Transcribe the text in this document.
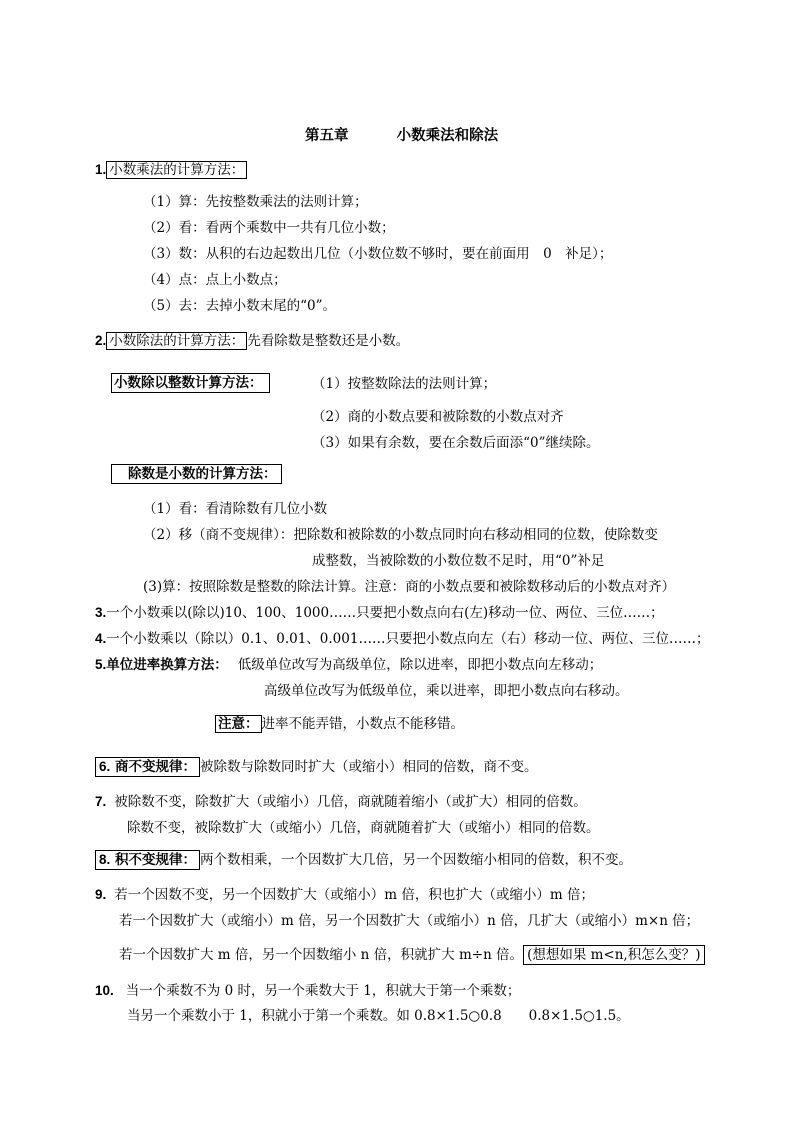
第五章	小数乘法和除法
1. 小数乘法的计算方法：
（1）算：先按整数乘法的法则计算；
（2）看：看两个乘数中一共有几位小数；
（3）数：从积的右边起数出几位（小数位数不够时，要在前面用　0　补足）；
（4）点：点上小数点；
（5）去：去掉小数末尾的“0”。
2. 小数除法的计算方法： 先看除数是整数还是小数。
小数除以整数计算方法：	（1）按整数除法的法则计算；
（2）商的小数点要和被除数的小数点对齐
（3）如果有余数，要在余数后面添“0”继续除。
除数是小数的计算方法：
（1）看：看清除数有几位小数
（2）移（商不变规律）：把除数和被除数的小数点同时向右移动相同的位数，使除数变
成整数，当被除数的小数位数不足时，用“0”补足
(3)算：按照除数是整数的除法计算。注意：商的小数点要和被除数移动后的小数点对齐）
3.一个小数乘以(除以)10、100、1000……只要把小数点向右(左)移动一位、两位、三位……；
4.一个小数乘以（除以）0.1、0.01、0.001……只要把小数点向左（右）移动一位、两位、三位……；
5.单位进率换算方法： 低级单位改写为高级单位，除以进率，即把小数点向左移动；
高级单位改写为低级单位，乘以进率，即把小数点向右移动。
注意： 进率不能弄错，小数点不能移错。
6. 商不变规律： 被除数与除数同时扩大（或缩小）相同的倍数，商不变。
7. 被除数不变，除数扩大（或缩小）几倍，商就随着缩小（或扩大）相同的倍数。
除数不变，被除数扩大（或缩小）几倍，商就随着扩大（或缩小）相同的倍数。
8. 积不变规律： 两个数相乘，一个因数扩大几倍，另一个因数缩小相同的倍数，积不变。
9. 若一个因数不变，另一个因数扩大（或缩小）m 倍，积也扩大（或缩小）m 倍；
若一个因数扩大（或缩小）m 倍，另一个因数扩大（或缩小）n 倍，几扩大（或缩小）m×n 倍；
若一个因数扩大 m 倍，另一个因数缩小 n 倍，积就扩大 m÷n 倍。 (想想如果 m<n,积怎么变？)
10. 当一个乘数不为 0 时，另一个乘数大于 1，积就大于第一个乘数；
当另一个乘数小于 1，积就小于第一个乘数。如 0.8×1.5○0.8　　0.8×1.5○1.5。
